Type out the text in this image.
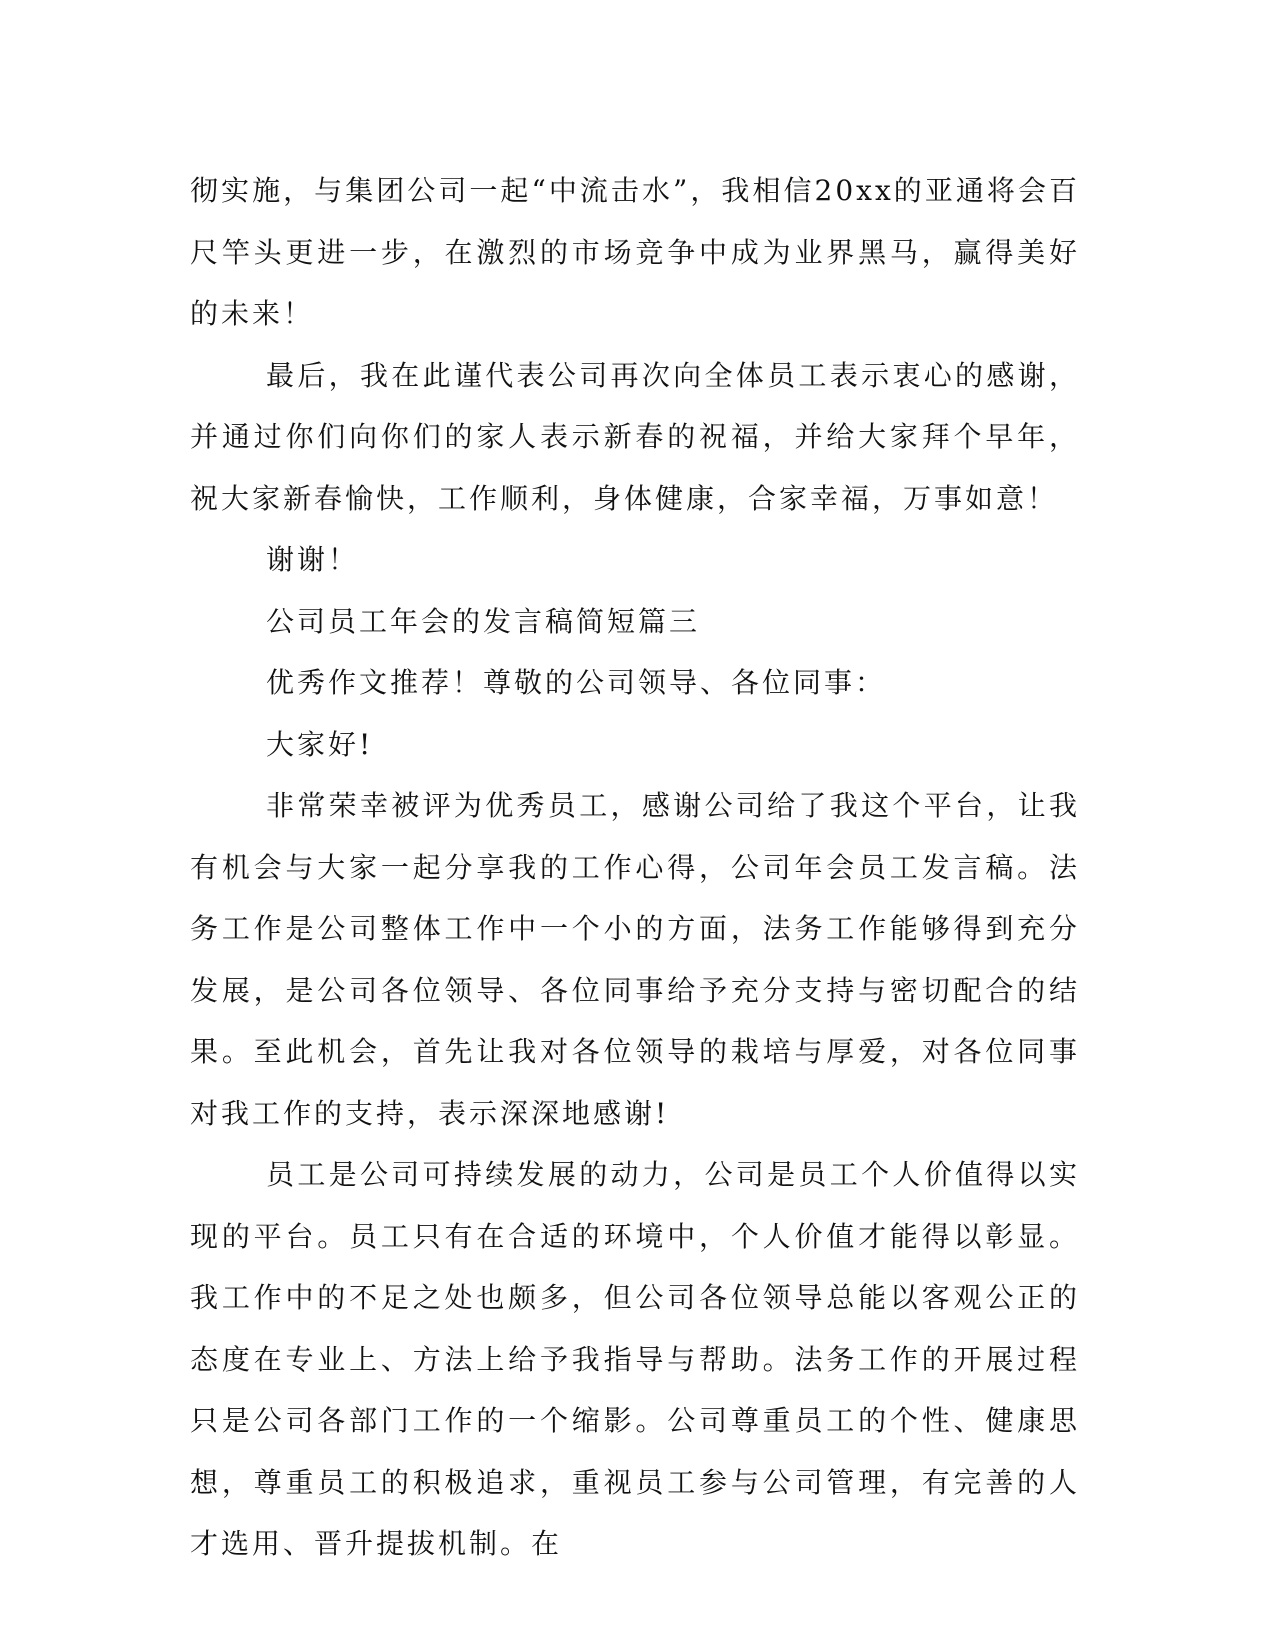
彻实施，与集团公司一起“中流击水”，我相信20xx的亚通将会百尺竿头更进一步，在激烈的市场竞争中成为业界黑马，赢得美好的未来！

最后，我在此谨代表公司再次向全体员工表示衷心的感谢，并通过你们向你们的家人表示新春的祝福，并给大家拜个早年，祝大家新春愉快，工作顺利，身体健康，合家幸福，万事如意！

谢谢！

公司员工年会的发言稿简短篇三

优秀作文推荐！尊敬的公司领导、各位同事：

大家好!

非常荣幸被评为优秀员工，感谢公司给了我这个平台，让我有机会与大家一起分享我的工作心得，公司年会员工发言稿。法务工作是公司整体工作中一个小的方面，法务工作能够得到充分发展，是公司各位领导、各位同事给予充分支持与密切配合的结果。至此机会，首先让我对各位领导的栽培与厚爱，对各位同事对我工作的支持，表示深深地感谢!

员工是公司可持续发展的动力，公司是员工个人价值得以实现的平台。员工只有在合适的环境中，个人价值才能得以彰显。我工作中的不足之处也颇多，但公司各位领导总能以客观公正的态度在专业上、方法上给予我指导与帮助。法务工作的开展过程只是公司各部门工作的一个缩影。公司尊重员工的个性、健康思想，尊重员工的积极追求，重视员工参与公司管理，有完善的人才选用、晋升提拔机制。在
